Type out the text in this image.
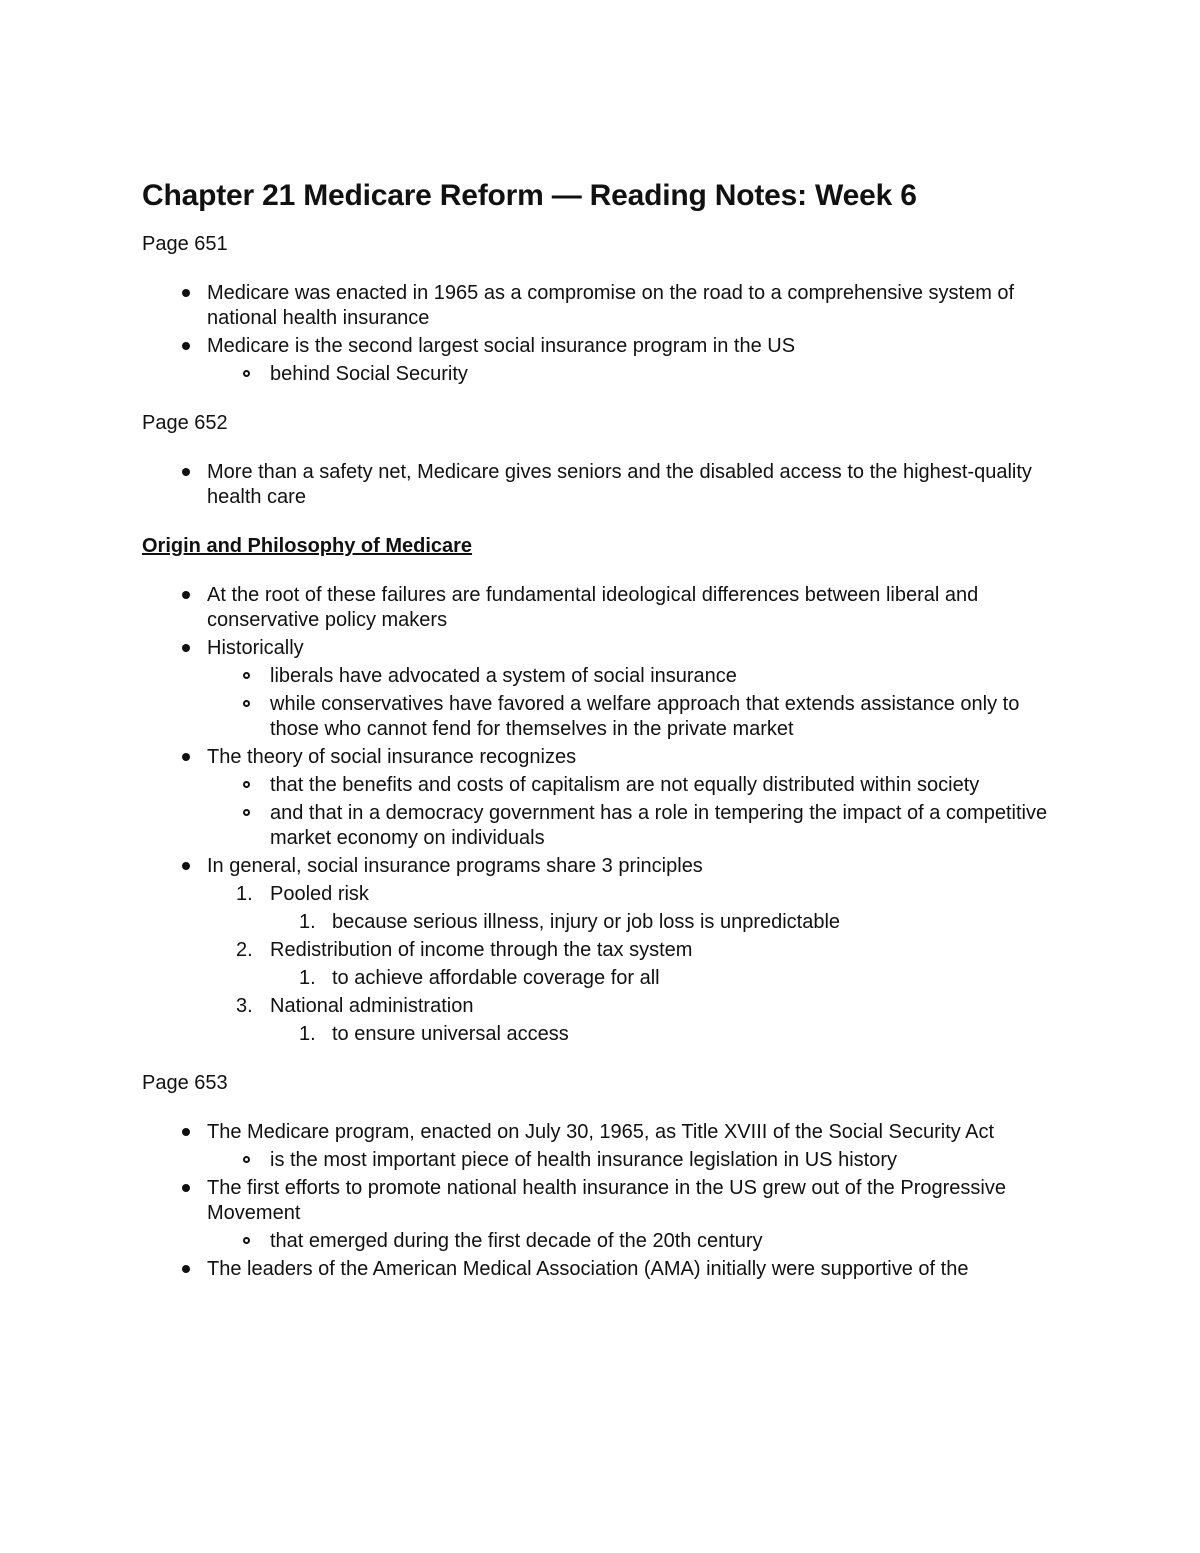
Chapter 21 Medicare Reform — Reading Notes: Week 6
Page 651
Medicare was enacted in 1965 as a compromise on the road to a comprehensive system of national health insurance
Medicare is the second largest social insurance program in the US
behind Social Security
Page 652
More than a safety net, Medicare gives seniors and the disabled access to the highest-quality health care
Origin and Philosophy of Medicare
At the root of these failures are fundamental ideological differences between liberal and conservative policy makers
Historically
liberals have advocated a system of social insurance
while conservatives have favored a welfare approach that extends assistance only to those who cannot fend for themselves in the private market
The theory of social insurance recognizes
that the benefits and costs of capitalism are not equally distributed within society
and that in a democracy government has a role in tempering the impact of a competitive market economy on individuals
In general, social insurance programs share 3 principles
1. Pooled risk
1. because serious illness, injury or job loss is unpredictable
2. Redistribution of income through the tax system
1. to achieve affordable coverage for all
3. National administration
1. to ensure universal access
Page 653
The Medicare program, enacted on July 30, 1965, as Title XVIII of the Social Security Act
is the most important piece of health insurance legislation in US history
The first efforts to promote national health insurance in the US grew out of the Progressive Movement
that emerged during the first decade of the 20th century
The leaders of the American Medical Association (AMA) initially were supportive of the
